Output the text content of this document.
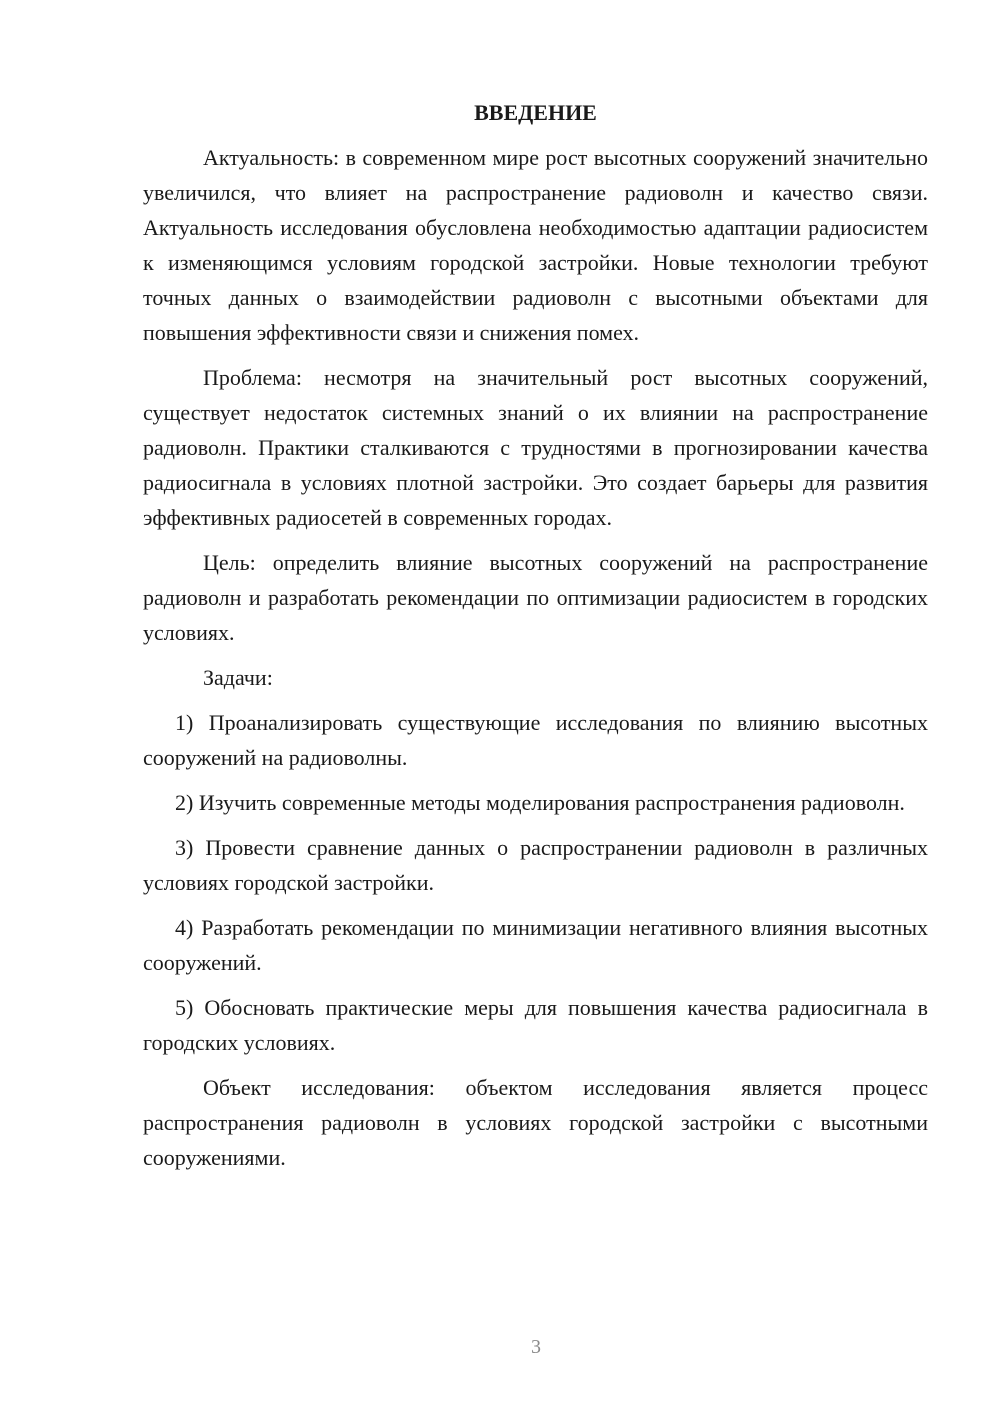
ВВЕДЕНИЕ

Актуальность: в современном мире рост высотных сооружений значительно увеличился, что влияет на распространение радиоволн и качество связи. Актуальность исследования обусловлена необходимостью адаптации радиосистем к изменяющимся условиям городской застройки. Новые технологии требуют точных данных о взаимодействии радиоволн с высотными объектами для повышения эффективности связи и снижения помех.

Проблема: несмотря на значительный рост высотных сооружений, существует недостаток системных знаний о их влиянии на распространение радиоволн. Практики сталкиваются с трудностями в прогнозировании качества радиосигнала в условиях плотной застройки. Это создает барьеры для развития эффективных радиосетей в современных городах.

Цель: определить влияние высотных сооружений на распространение радиоволн и разработать рекомендации по оптимизации радиосистем в городских условиях.

Задачи:

1) Проанализировать существующие исследования по влиянию высотных сооружений на радиоволны.

2) Изучить современные методы моделирования распространения радиоволн.

3) Провести сравнение данных о распространении радиоволн в различных условиях городской застройки.

4) Разработать рекомендации по минимизации негативного влияния высотных сооружений.

5) Обосновать практические меры для повышения качества радиосигнала в городских условиях.

Объект исследования: объектом исследования является процесс распространения радиоволн в условиях городской застройки с высотными сооружениями.

3
